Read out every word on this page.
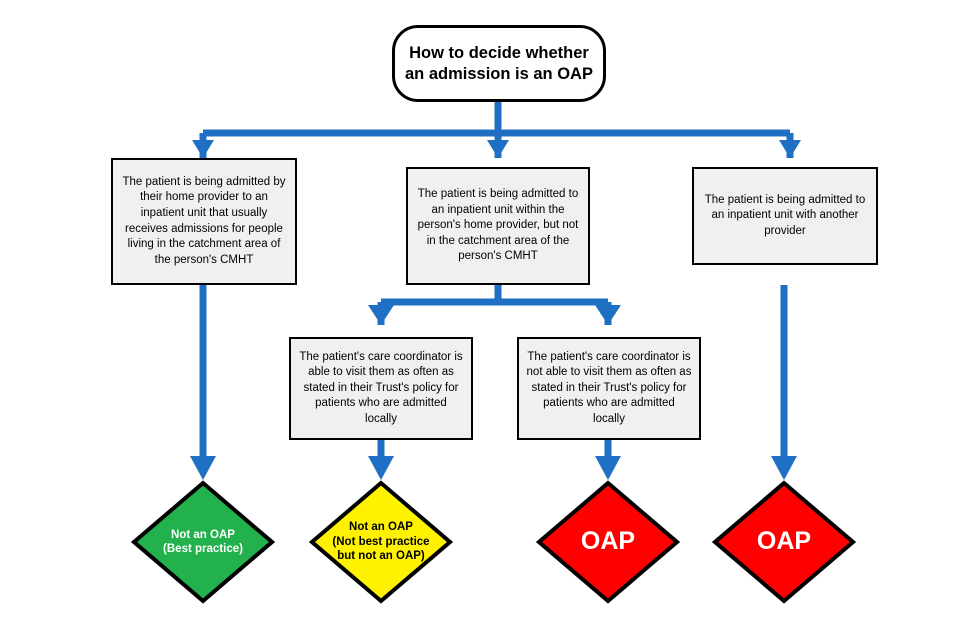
How to decide whether
an admission is an OAP
The patient is being admitted by their home provider to an inpatient unit that usually receives admissions for people living in the catchment area of the person's CMHT
The patient is being admitted to an inpatient unit within the person's home provider, but not in the catchment area of the person's CMHT
The patient is being admitted to an inpatient unit with another provider
The patient's care coordinator is able to visit them as often as stated in their Trust's policy for patients who are admitted locally
The patient's care coordinator is not able to visit them as often as stated in their Trust's policy for patients who are admitted locally
Not an OAP
(Best practice)
Not an OAP
(Not best practice
but not an OAP)
OAP	OAP
